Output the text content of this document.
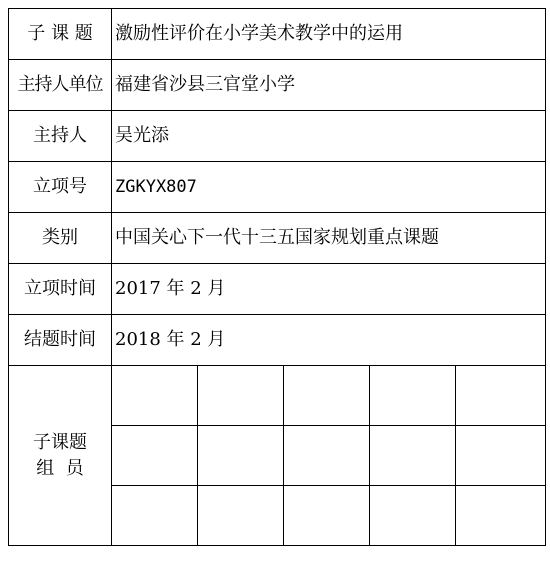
子 课 题	激励性评价在小学美术教学中的运用				
主持人单位	福建省沙县三官堂小学				
主持人	吴光添				
立项号	ZGKYX807				
类别	中国关心下一代十三五国家规划重点课题				
立项时间	2017 年 2 月				
结题时间	2018 年 2 月				

子课题
组  员					
